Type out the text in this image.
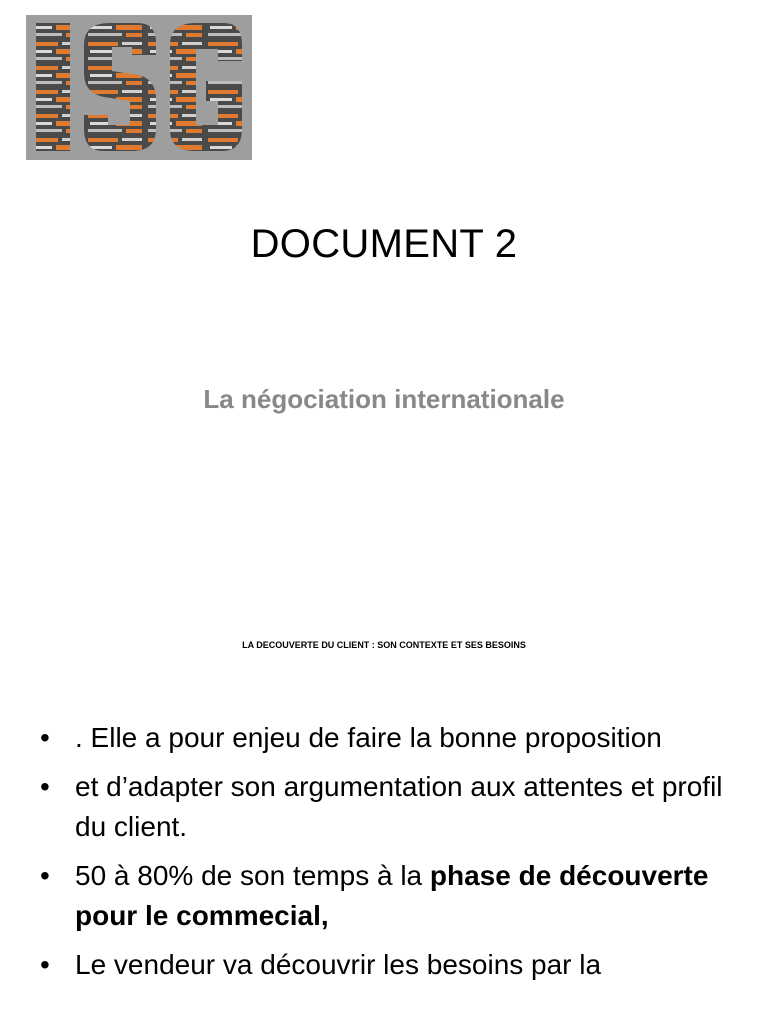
DOCUMENT 2
La négociation internationale
LA DECOUVERTE DU CLIENT : SON CONTEXTE ET SES BESOINS
• . Elle a pour enjeu de faire la bonne proposition
• et d’adapter son argumentation aux attentes et profil du client.
• 50 à 80% de son temps à la phase de découverte pour le commecial,
• Le vendeur va découvrir les besoins par la
